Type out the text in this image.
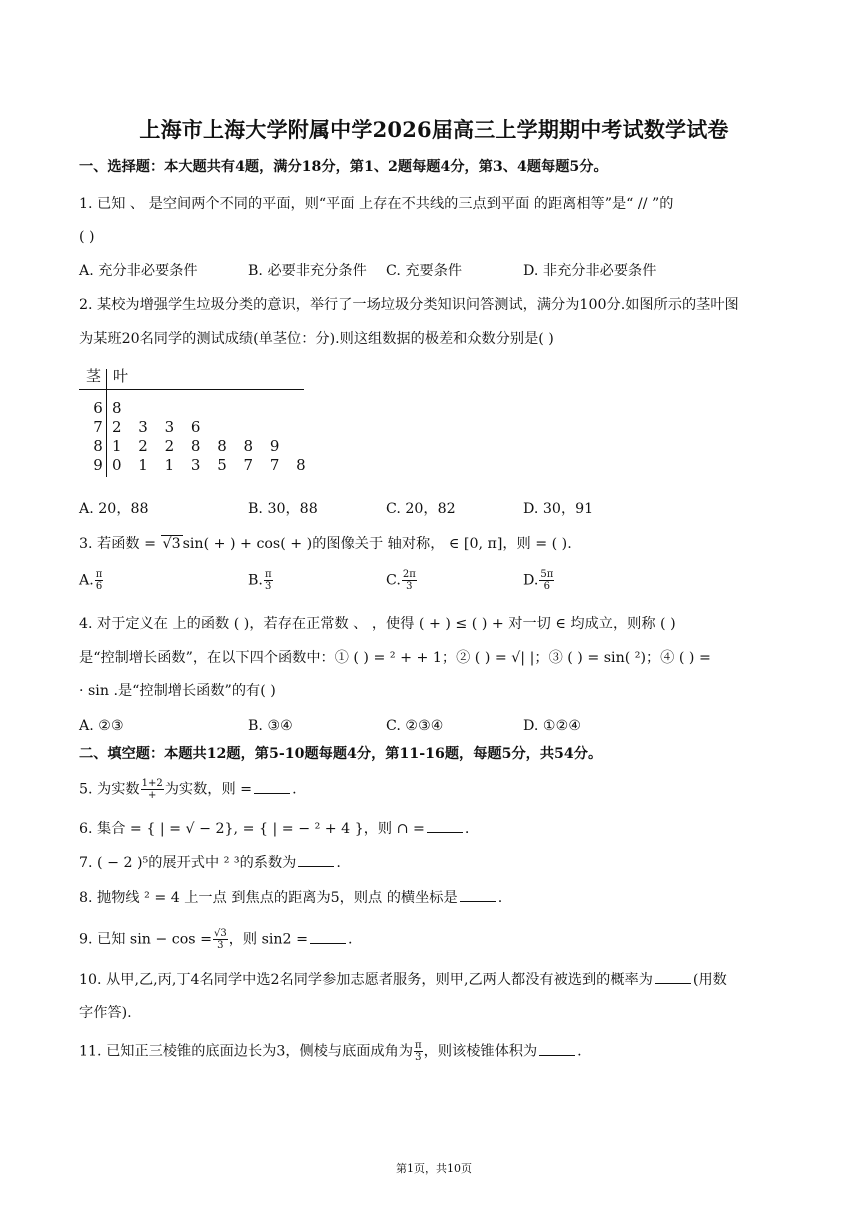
上海市上海大学附属中学2026届高三上学期期中考试数学试卷
一、选择题：本大题共有4题，满分18分，第1、2题每题4分，第3、4题每题5分。
1. 已知 、 是空间两个不同的平面，则“平面 上存在不共线的三点到平面 的距离相等”是“ // ”的
( )
A. 充分非必要条件	B. 必要非充分条件 C. 充要条件	D. 非充分非必要条件
2. 某校为增强学生垃圾分类的意识，举行了一场垃圾分类知识问答测试，满分为100分.如图所示的茎叶图
为某班20名同学的测试成绩(单茎位：分).则这组数据的极差和众数分别是( )
茎 叶
6 8
7 2 3 3 6
8 1 2 2 8 8 8 9
9 0 1 1 3 5 7 7 8
A. 20，88	B. 30，88	C. 20，82	D. 30，91
3. 若函数 = √3 sin( + ) + cos( + )的图像关于 轴对称， ∈ [0, π]，则 = ( ).
A. $\frac{\pi}{6}$	B. $\frac{\pi}{3}$	C. $\frac{2\pi}{3}$	D. $\frac{5\pi}{6}$
4. 对于定义在 上的函数 ( )，若存在正常数 、 ，使得 ( + ) ≤ ( ) + 对一切 ∈ 均成立，则称 ( )
是“控制增长函数”，在以下四个函数中：① ( ) = ² + + 1；② ( ) = √| |；③ ( ) = sin( ²)；④ ( ) =
· sin .是“控制增长函数”的有( )
A. ②③	B. ③④	C. ②③④	D. ①②④
二、填空题：本题共12题，第5-10题每题4分，第11-16题，每题5分，共54分。
5. 为实数 $\frac{1+2}{+}$ 为实数，则 =	.
6. 集合 = { | = √ − 2}, = { | = − ² + 4 }，则 ∩ =	.
7. ( − 2 )⁵的展开式中 ² ³的系数为	.
8. 抛物线 ² = 4 上一点 到焦点的距离为5，则点 的横坐标是	.
9. 已知 $\sin - \cos = \frac{√3}{3}$ ，则 sin2 =	.
10. 从甲,乙,丙,丁4名同学中选2名同学参加志愿者服务，则甲,乙两人都没有被选到的概率为	(用数
字作答).
11. 已知正三棱锥的底面边长为3，侧棱与底面成角为 $\frac{\pi}{3}$ ，则该棱锥体积为	.
第1页，共10页
